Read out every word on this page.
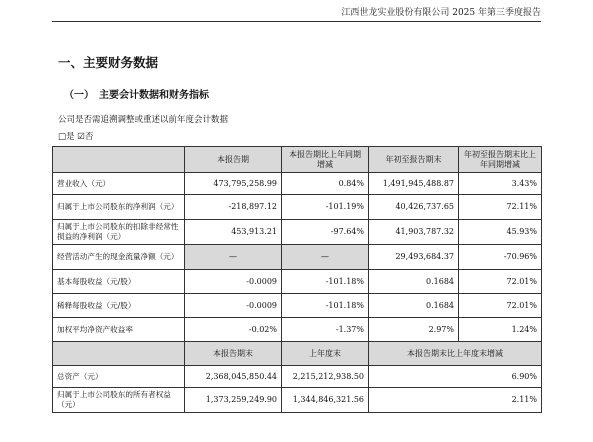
江西世龙实业股份有限公司 2025 年第三季度报告
一、主要财务数据
（一）　主要会计数据和财务指标
公司是否需追溯调整或重述以前年度会计数据
□是 ☑否
	本报告期	本报告期比上年同期增减	年初至报告期末	年初至报告期末比上年同期增减
营业收入（元）	473,795,258.99	0.84%	1,491,945,488.87	3.43%
归属于上市公司股东的净利润（元）	-218,897.12	-101.19%	40,426,737.65	72.11%
归属于上市公司股东的扣除非经常性损益的净利润（元）	453,913.21	-97.64%	41,903,787.32	45.93%
经营活动产生的现金流量净额（元）	—	—	29,493,684.37	-70.96%
基本每股收益（元/股）	-0.0009	-101.18%	0.1684	72.01%
稀释每股收益（元/股）	-0.0009	-101.18%	0.1684	72.01%
加权平均净资产收益率	-0.02%	-1.37%	2.97%	1.24%
	本报告期末	上年度末	本报告期末比上年度末增减	
总资产（元）	2,368,045,850.44	2,215,212,938.50	6.90%	
归属于上市公司股东的所有者权益（元）	1,373,259,249.90	1,344,846,321.56	2.11%	
